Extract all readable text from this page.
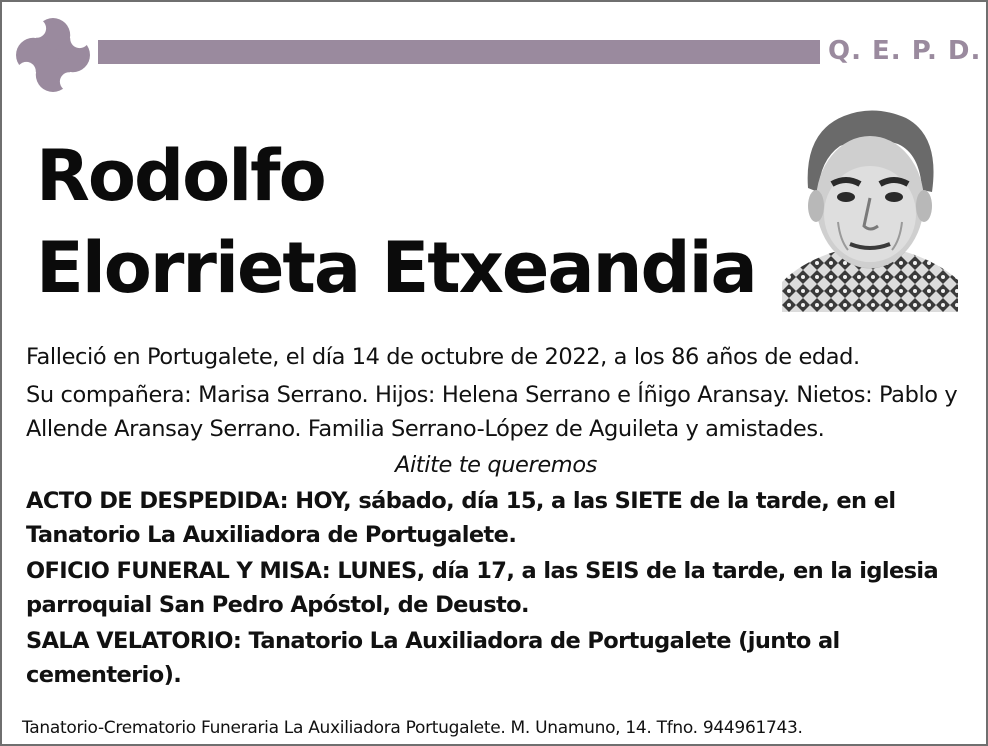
Q. E. P. D.
Rodolfo
Elorrieta Etxeandia

Falleció en Portugalete, el día 14 de octubre de 2022, a los 86 años de edad.

Su compañera: Marisa Serrano. Hijos: Helena Serrano e Íñigo Aransay. Nietos: Pablo y Allende Aransay Serrano. Familia Serrano-López de Aguileta y amistades.

Aitite te queremos

ACTO DE DESPEDIDA: HOY, sábado, día 15, a las SIETE de la tarde, en el Tanatorio La Auxiliadora de Portugalete.

OFICIO FUNERAL Y MISA: LUNES, día 17, a las SEIS de la tarde, en la iglesia parroquial San Pedro Apóstol, de Deusto.

SALA VELATORIO: Tanatorio La Auxiliadora de Portugalete (junto al cementerio).

Tanatorio-Crematorio Funeraria La Auxiliadora Portugalete. M. Unamuno, 14. Tfno. 944961743.
